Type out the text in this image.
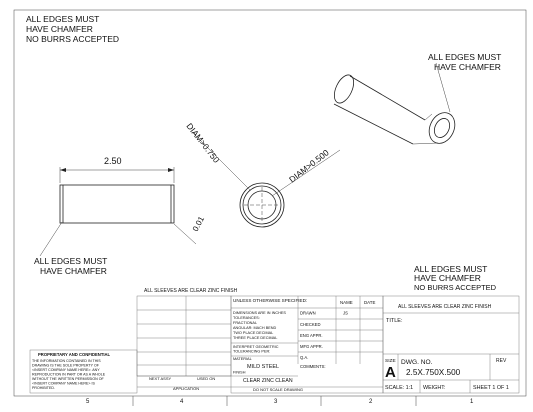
ALL EDGES MUST
HAVE CHAMFER
NO BURRS ACCEPTED
ALL EDGES MUST
HAVE CHAMFER
DIAM>0.750
DIAM>0.500
2.50
0.01
ALL EDGES MUST
HAVE CHAMFER	ALL EDGES MUST
HAVE CHAMFER
NO BURRS ACCEPTED
ALL SLEEVES ARE CLEAR ZINC FINISH
PROPRIETARY AND CONFIDENTIAL
THE INFORMATION CONTAINED IN THIS
DRAWING IS THE SOLE PROPERTY OF
<INSERT COMPANY NAME HERE>. ANY
REPRODUCTION IN PART OR AS A WHOLE
WITHOUT THE WRITTEN PERMISSION OF
<INSERT COMPANY NAME HERE> IS
PROHIBITED.
NEXT ASSY	USED ON
APPLICATION
UNLESS OTHERWISE SPECIFIED:	NAME	DATE
DIMENSIONS ARE IN INCHES
TOLERANCES:
FRACTIONAL
ANGULAR: MACH BEND
TWO PLACE DECIMAL
THREE PLACE DECIMAL
INTERPRET GEOMETRIC
TOLERANCING PER:
MATERIAL
MILD STEEL
FINISH
CLEAR ZINC CLEAN
DO NOT SCALE DRAWING
DRAWN	JS
CHECKED
ENG APPR.
MFG APPR.
Q.A.
COMMENTS:
ALL SLEEVES ARE CLEAR ZINC FINISH
TITLE:
SIZE
A
DWG. NO.
2.5X.750X.500
REV
SCALE: 1:1 WEIGHT:	SHEET 1 OF 1
5	4	3	2	1
